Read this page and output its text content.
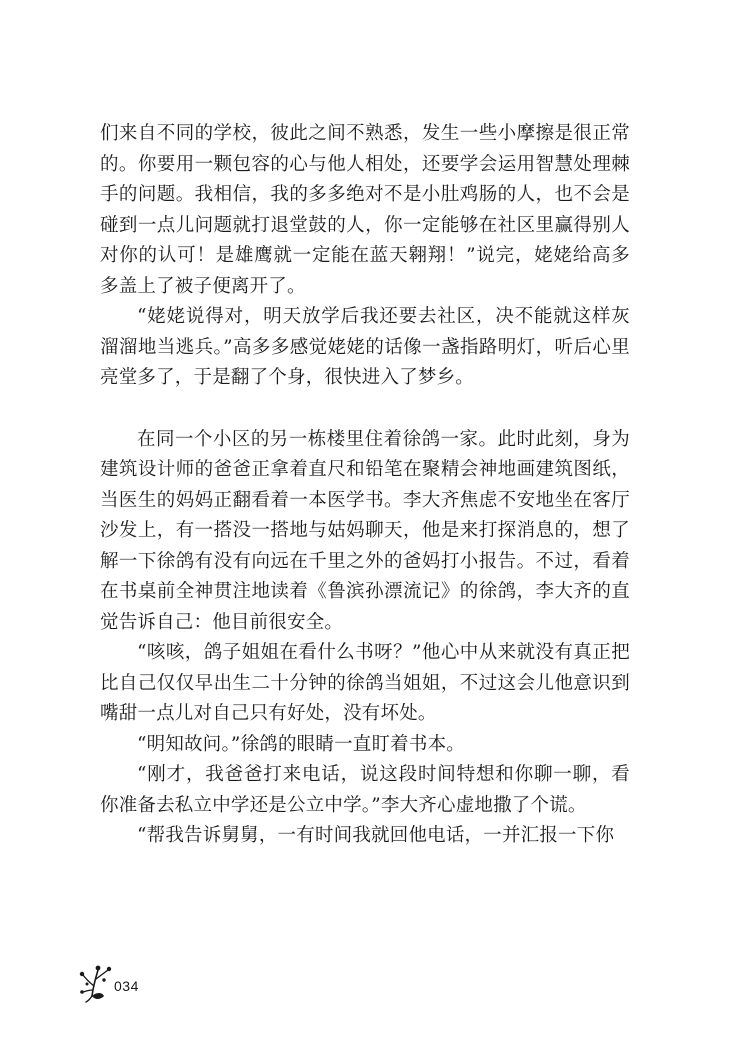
们来自不同的学校，彼此之间不熟悉，发生一些小摩擦是很正常的。你要用一颗包容的心与他人相处，还要学会运用智慧处理棘手的问题。我相信，我的多多绝对不是小肚鸡肠的人，也不会是碰到一点儿问题就打退堂鼓的人，你一定能够在社区里赢得别人对你的认可！是雄鹰就一定能在蓝天翱翔！”说完，姥姥给高多多盖上了被子便离开了。

“姥姥说得对，明天放学后我还要去社区，决不能就这样灰溜溜地当逃兵。”高多多感觉姥姥的话像一盏指路明灯，听后心里亮堂多了，于是翻了个身，很快进入了梦乡。

在同一个小区的另一栋楼里住着徐鸽一家。此时此刻，身为建筑设计师的爸爸正拿着直尺和铅笔在聚精会神地画建筑图纸，当医生的妈妈正翻看着一本医学书。李大齐焦虑不安地坐在客厅沙发上，有一搭没一搭地与姑妈聊天，他是来打探消息的，想了解一下徐鸽有没有向远在千里之外的爸妈打小报告。不过，看着在书桌前全神贯注地读着《鲁滨孙漂流记》的徐鸽，李大齐的直觉告诉自己：他目前很安全。

“咳咳，鸽子姐姐在看什么书呀？”他心中从来就没有真正把比自己仅仅早出生二十分钟的徐鸽当姐姐，不过这会儿他意识到嘴甜一点儿对自己只有好处，没有坏处。

“明知故问。”徐鸽的眼睛一直盯着书本。

“刚才，我爸爸打来电话，说这段时间特想和你聊一聊，看你准备去私立中学还是公立中学。”李大齐心虚地撒了个谎。

“帮我告诉舅舅，一有时间我就回他电话，一并汇报一下你

034
